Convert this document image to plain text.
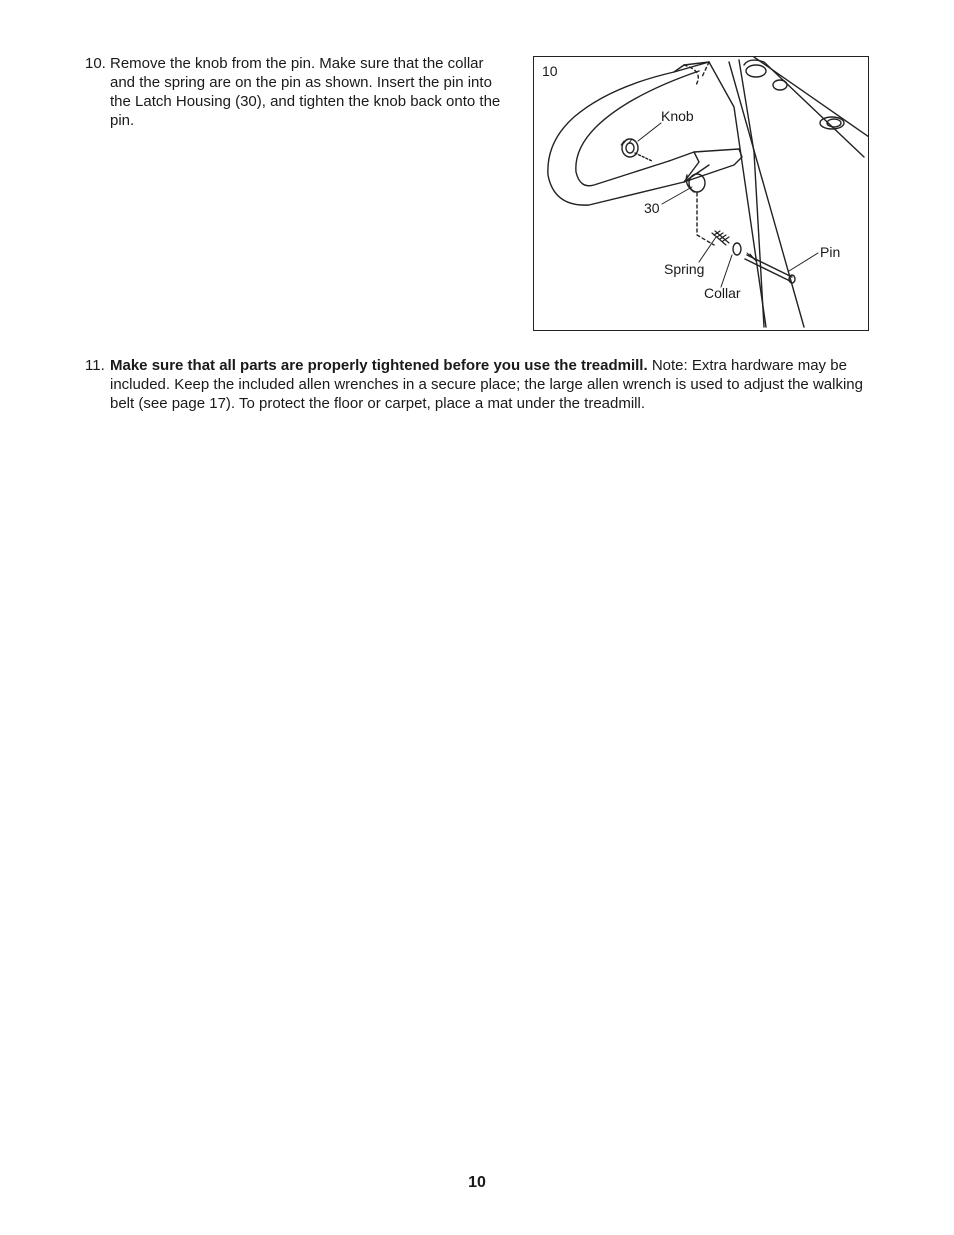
10. Remove the knob from the pin. Make sure that the collar and the spring are on the pin as shown. Insert the pin into the Latch Housing (30), and tighten the knob back onto the pin.
10
Knob
30
Spring
Collar
Pin
11. Make sure that all parts are properly tightened before you use the treadmill. Note: Extra hardware may be included. Keep the included allen wrenches in a secure place; the large allen wrench is used to adjust the walking belt (see page 17). To protect the floor or carpet, place a mat under the treadmill.
10
